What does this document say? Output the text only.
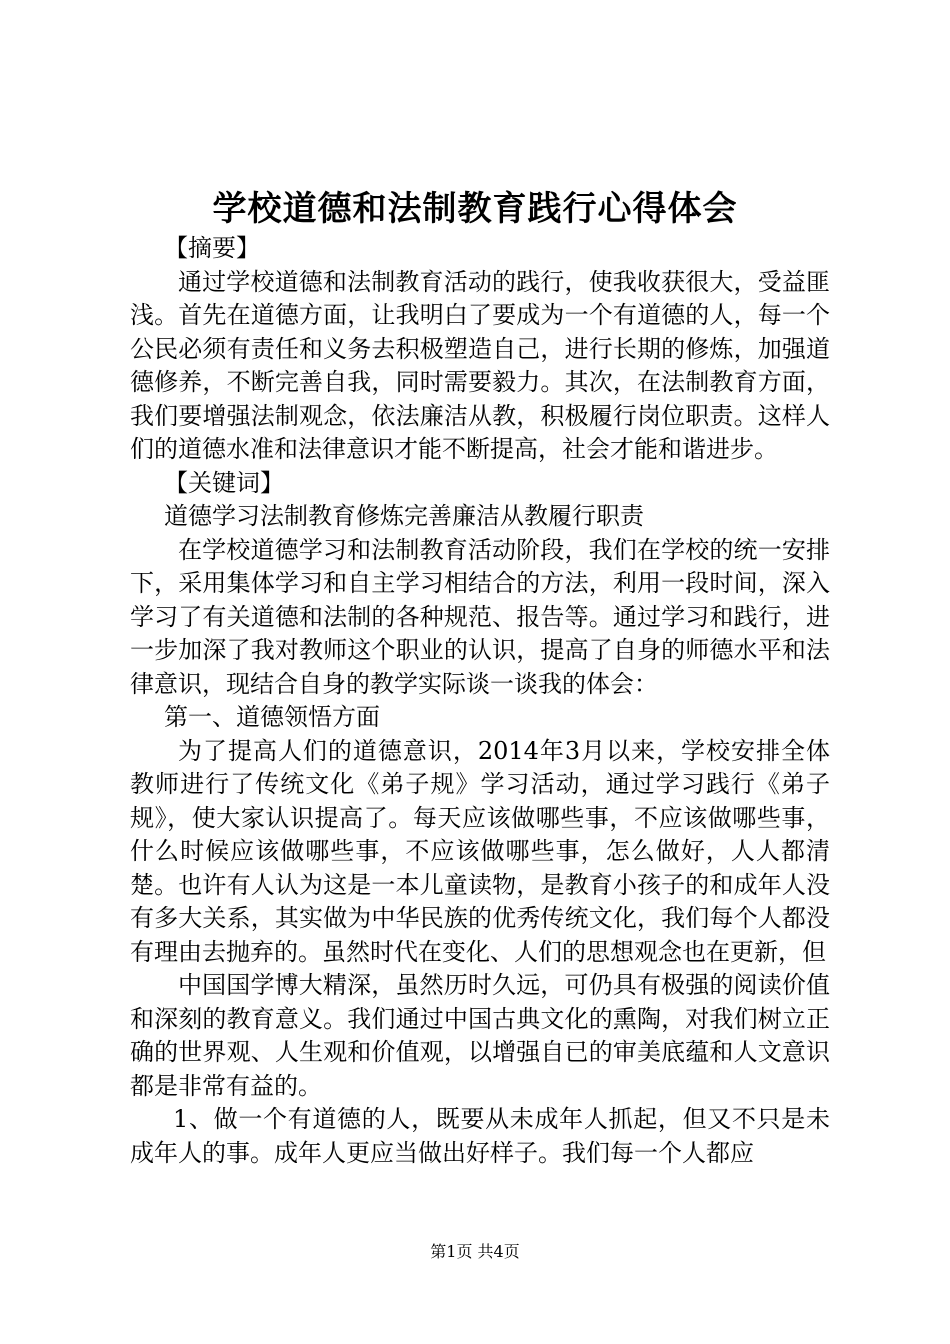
学校道德和法制教育践行心得体会

【摘要】

通过学校道德和法制教育活动的践行，使我收获很大，受益匪浅。首先在道德方面，让我明白了要成为一个有道德的人，每一个公民必须有责任和义务去积极塑造自己，进行长期的修炼，加强道德修养，不断完善自我，同时需要毅力。其次，在法制教育方面，我们要增强法制观念，依法廉洁从教，积极履行岗位职责。这样人们的道德水准和法律意识才能不断提高，社会才能和谐进步。

【关键词】

道德学习法制教育修炼完善廉洁从教履行职责

在学校道德学习和法制教育活动阶段，我们在学校的统一安排下，采用集体学习和自主学习相结合的方法，利用一段时间，深入学习了有关道德和法制的各种规范、报告等。通过学习和践行，进一步加深了我对教师这个职业的认识，提高了自身的师德水平和法律意识，现结合自身的教学实际谈一谈我的体会：

第一、道德领悟方面

为了提高人们的道德意识，2014年3月以来，学校安排全体教师进行了传统文化《弟子规》学习活动，通过学习践行《弟子规》，使大家认识提高了。每天应该做哪些事，不应该做哪些事，什么时候应该做哪些事，不应该做哪些事，怎么做好，人人都清楚。也许有人认为这是一本儿童读物，是教育小孩子的和成年人没有多大关系，其实做为中华民族的优秀传统文化，我们每个人都没有理由去抛弃的。虽然时代在变化、人们的思想观念也在更新，但

中国国学博大精深，虽然历时久远，可仍具有极强的阅读价值和深刻的教育意义。我们通过中国古典文化的熏陶，对我们树立正确的世界观、人生观和价值观，以增强自已的审美底蕴和人文意识都是非常有益的。

1、做一个有道德的人，既要从未成年人抓起，但又不只是未成年人的事。成年人更应当做出好样子。我们每一个人都应

第1页 共4页
